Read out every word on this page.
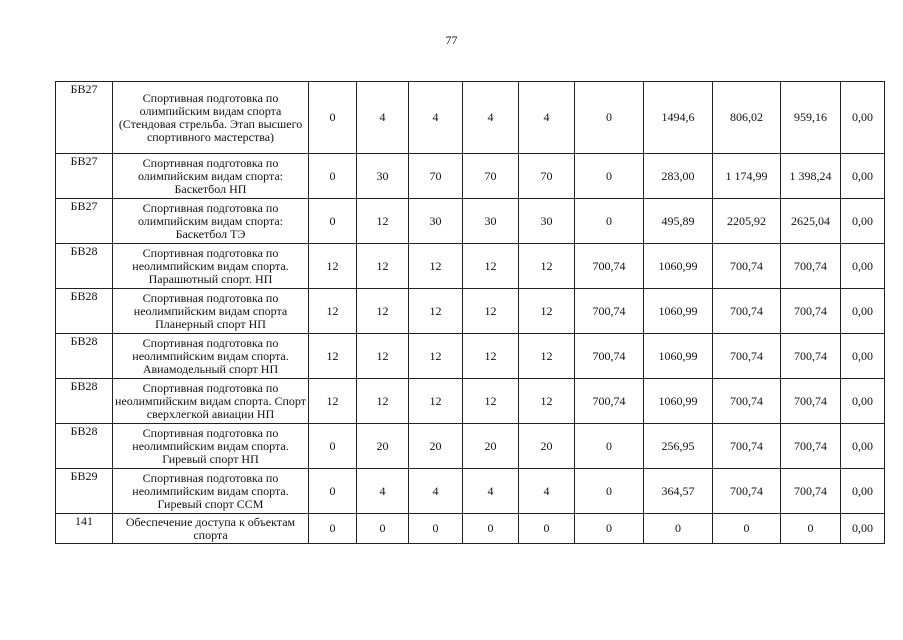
77
БВ27	Спортивная подготовка по олимпийским видам спорта (Стендовая стрельба. Этап высшего спортивного мастерства)	0	4	4	4	4	0	1494,6	806,02	959,16	0,00
БВ27	Спортивная подготовка по олимпийским видам спорта: Баскетбол НП	0	30	70	70	70	0	283,00	1 174,99	1 398,24	0,00
БВ27	Спортивная подготовка по олимпийским видам спорта: Баскетбол ТЭ	0	12	30	30	30	0	495,89	2205,92	2625,04	0,00
БВ28	Спортивная подготовка по неолимпийским видам спорта. Парашютный спорт. НП	12	12	12	12	12	700,74	1060,99	700,74	700,74	0,00
БВ28	Спортивная подготовка по неолимпийским видам спорта Планерный спорт НП	12	12	12	12	12	700,74	1060,99	700,74	700,74	0,00
БВ28	Спортивная подготовка по неолимпийским видам спорта. Авиамодельный спорт НП	12	12	12	12	12	700,74	1060,99	700,74	700,74	0,00
БВ28	Спортивная подготовка по неолимпийским видам спорта. Спорт сверхлегкой авиации НП	12	12	12	12	12	700,74	1060,99	700,74	700,74	0,00
БВ28	Спортивная подготовка по неолимпийским видам спорта. Гиревый спорт НП	0	20	20	20	20	0	256,95	700,74	700,74	0,00
БВ29	Спортивная подготовка по неолимпийским видам спорта. Гиревый спорт ССМ	0	4	4	4	4	0	364,57	700,74	700,74	0,00
141	Обеспечение доступа к объектам спорта	0	0	0	0	0	0	0	0	0	0,00
